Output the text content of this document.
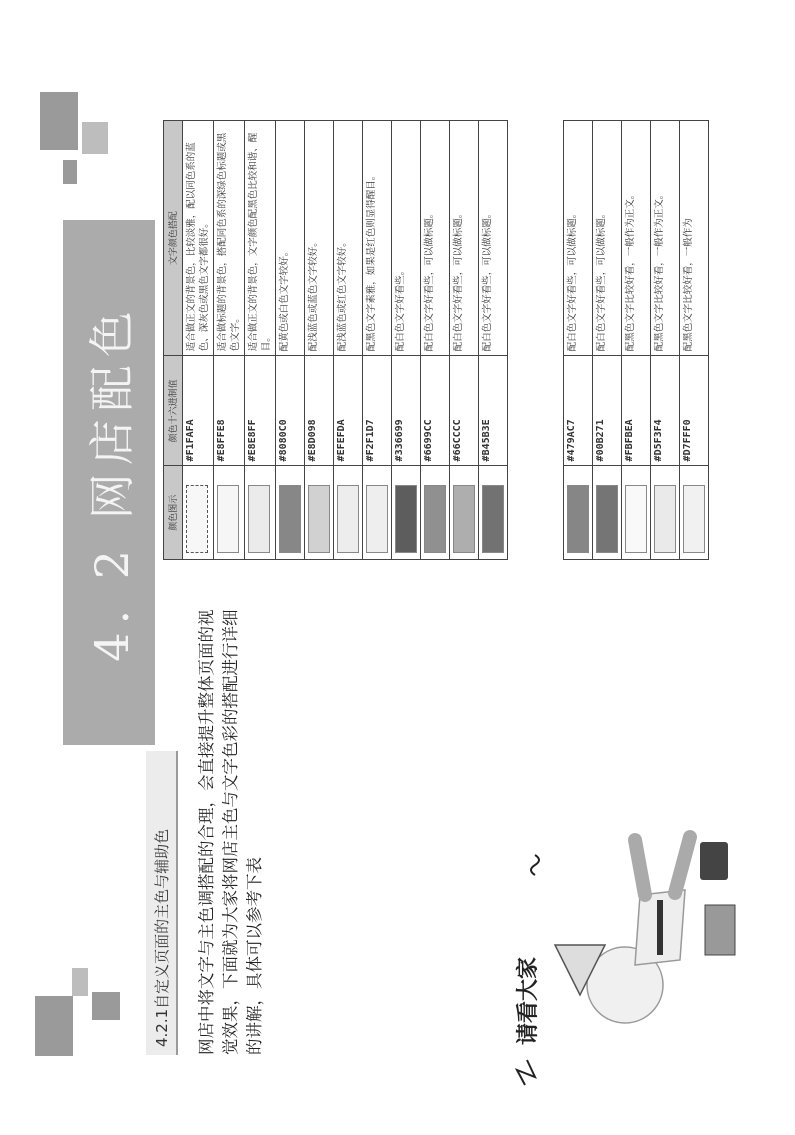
4. 2 网店配色
4.2.1自定义页面的主色与辅助色 网店中将文字与主色调搭配的合理，会直接提升整体页面的视觉效果，下面就为大家将网店主色与文字色彩的搭配进行详细的讲解，具体可以参考下表
颜色图示	颜色十六进制值	文字颜色搭配

	#F1FAFA	适合做正文的背景色，比较淡雅，配以同色系的蓝色、深灰色或黑色文字都很好。

	#E8FFE8	适合做标题的背景色，搭配同色系的深绿色标题或黑色文字。

	#E8E8FF	适合做正文的背景色，文字颜色配黑色比较和谐、醒目。

	#8080C0	配黄色或白色文字较好。

	#E8D098	配浅蓝色或蓝色文字较好。

	#EFEFDA	配浅蓝色或红色文字较好。

	#F2F1D7	配黑色文字素雅，如果是红色则显得醒目。

	#336699	配白色文字好看些。

	#6699CC	配白色文字好看些，可以做标题。

	#66CCCC	配白色文字好看些，可以做标题。

	#B45B3E	配白色文字好看些，可以做标题。
	#479AC7	配白色文字好看些，可以做标题。

	#00B271	配白色文字好看些，可以做标题。

	#FBFBEA	配黑色文字比较好看，一般作为正文。

	#D5F3F4	配黑色文字比较好看，一般作为正文。

	#D7FFF0	配黑色文字比较好看，一般作为
请看大家
